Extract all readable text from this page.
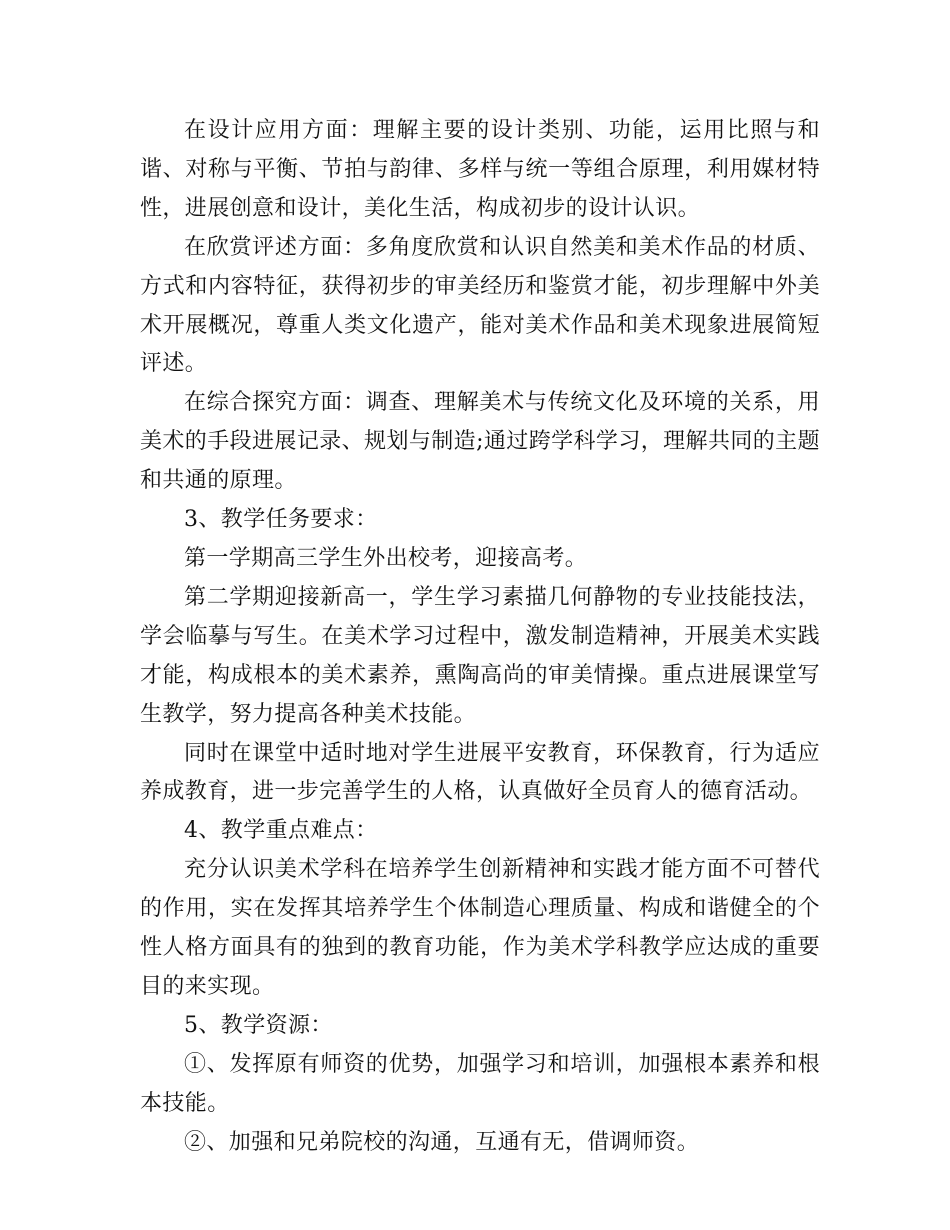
在设计应用方面：理解主要的设计类别、功能，运用比照与和谐、对称与平衡、节拍与韵律、多样与统一等组合原理，利用媒材特性，进展创意和设计，美化生活，构成初步的设计认识。

在欣赏评述方面：多角度欣赏和认识自然美和美术作品的材质、方式和内容特征，获得初步的审美经历和鉴赏才能，初步理解中外美术开展概况，尊重人类文化遗产，能对美术作品和美术现象进展简短评述。

在综合探究方面：调查、理解美术与传统文化及环境的关系，用美术的手段进展记录、规划与制造;通过跨学科学习，理解共同的主题和共通的原理。

3、教学任务要求：

第一学期高三学生外出校考，迎接高考。

第二学期迎接新高一，学生学习素描几何静物的专业技能技法，学会临摹与写生。在美术学习过程中，激发制造精神，开展美术实践才能，构成根本的美术素养，熏陶高尚的审美情操。重点进展课堂写生教学，努力提高各种美术技能。

同时在课堂中适时地对学生进展平安教育，环保教育，行为适应养成教育，进一步完善学生的人格，认真做好全员育人的德育活动。

4、教学重点难点：

充分认识美术学科在培养学生创新精神和实践才能方面不可替代的作用，实在发挥其培养学生个体制造心理质量、构成和谐健全的个性人格方面具有的独到的教育功能，作为美术学科教学应达成的重要目的来实现。

5、教学资源：

①、发挥原有师资的优势，加强学习和培训，加强根本素养和根本技能。

②、加强和兄弟院校的沟通，互通有无，借调师资。
